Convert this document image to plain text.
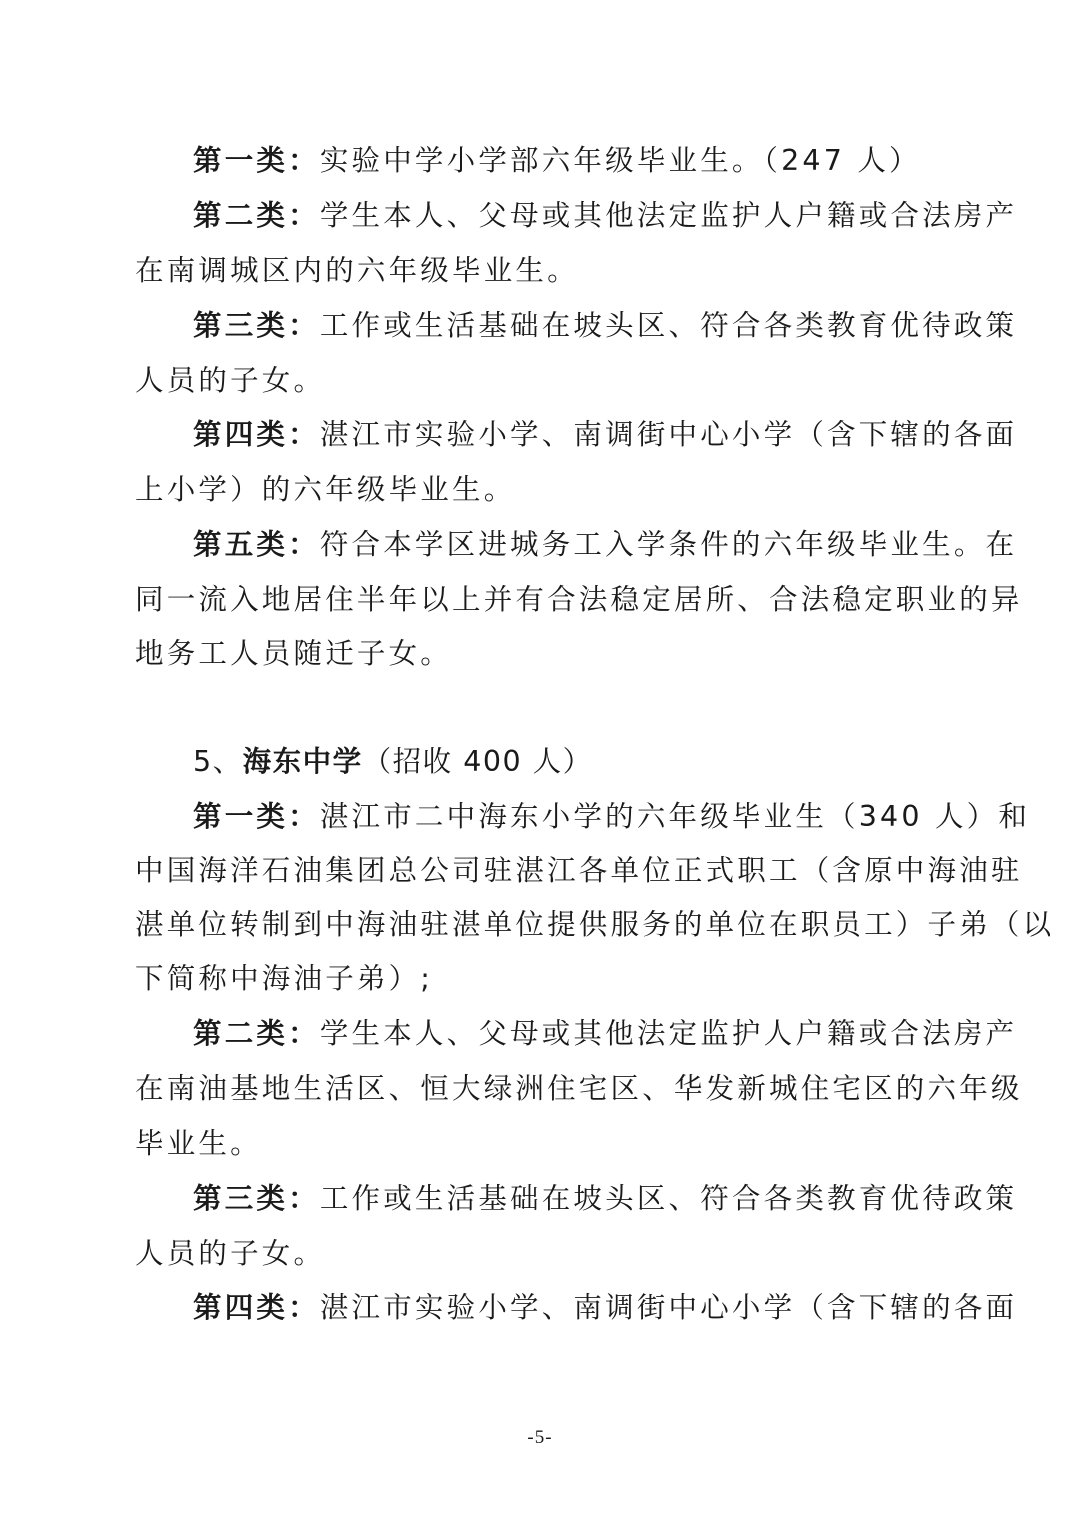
第一类：实验中学小学部六年级毕业生。（247 人）
第二类：学生本人、父母或其他法定监护人户籍或合法房产
在南调城区内的六年级毕业生。
第三类：工作或生活基础在坡头区、符合各类教育优待政策
人员的子女。
第四类：湛江市实验小学、南调街中心小学（含下辖的各面
上小学）的六年级毕业生。
第五类：符合本学区进城务工入学条件的六年级毕业生。在
同一流入地居住半年以上并有合法稳定居所、合法稳定职业的异
地务工人员随迁子女。
5、海东中学（招收 400 人）
第一类：湛江市二中海东小学的六年级毕业生（340 人）和
中国海洋石油集团总公司驻湛江各单位正式职工（含原中海油驻
湛单位转制到中海油驻湛单位提供服务的单位在职员工）子弟（以
下简称中海油子弟）;
第二类：学生本人、父母或其他法定监护人户籍或合法房产
在南油基地生活区、恒大绿洲住宅区、华发新城住宅区的六年级
毕业生。
第三类：工作或生活基础在坡头区、符合各类教育优待政策
人员的子女。
第四类：湛江市实验小学、南调街中心小学（含下辖的各面
-5-
